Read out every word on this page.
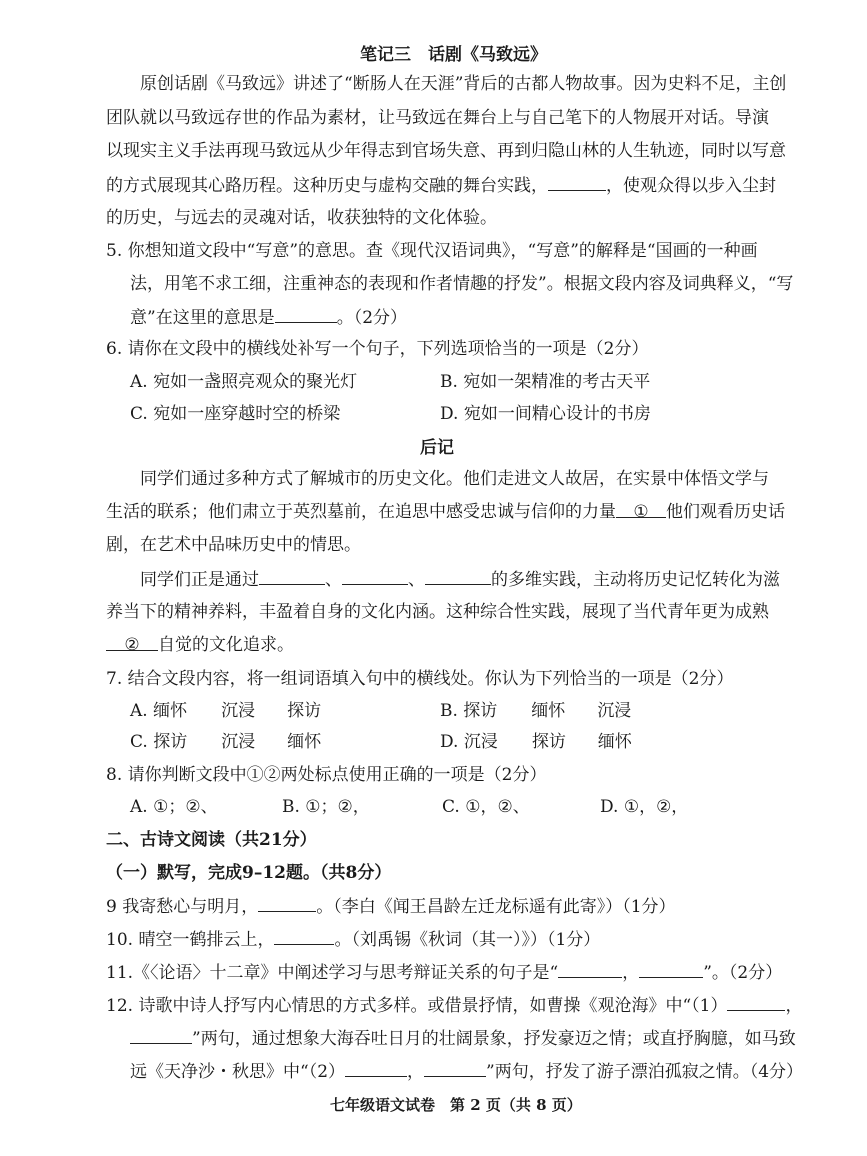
笔记三　话剧《马致远》
原创话剧《马致远》讲述了“断肠人在天涯”背后的古都人物故事。因为史料不足，主创
团队就以马致远存世的作品为素材，让马致远在舞台上与自己笔下的人物展开对话。导演
以现实主义手法再现马致远从少年得志到官场失意、再到归隐山林的人生轨迹，同时以写意
的方式展现其心路历程。这种历史与虚构交融的舞台实践，	，使观众得以步入尘封
的历史，与远去的灵魂对话，收获独特的文化体验。
5. 你想知道文段中“写意”的意思。查《现代汉语词典》，“写意”的解释是“国画的一种画
法，用笔不求工细，注重神态的表现和作者情趣的抒发”。根据文段内容及词典释义，“写
意”在这里的意思是	。（2分）
6. 请你在文段中的横线处补写一个句子，下列选项恰当的一项是（2分）
A. 宛如一盏照亮观众的聚光灯	B. 宛如一架精准的考古天平
C. 宛如一座穿越时空的桥梁	D. 宛如一间精心设计的书房
后记
同学们通过多种方式了解城市的历史文化。他们走进文人故居，在实景中体悟文学与
生活的联系；他们肃立于英烈墓前，在追思中感受忠诚与信仰的力量 ① 他们观看历史话
剧，在艺术中品味历史中的情思。
同学们正是通过	、	、	的多维实践，主动将历史记忆转化为滋
养当下的精神养料，丰盈着自身的文化内涵。这种综合性实践，展现了当代青年更为成熟
② 自觉的文化追求。
7. 结合文段内容，将一组词语填入句中的横线处。你认为下列恰当的一项是（2分）
A. 缅怀 沉浸 探访	B. 探访 缅怀 沉浸
C. 探访 沉浸 缅怀	D. 沉浸 探访 缅怀
8. 请你判断文段中①②两处标点使用正确的一项是（2分）
A. ①；②、	B. ①；②，	C. ①，②、	D. ①，②，
二、古诗文阅读（共21分）
（一）默写，完成9–12题。（共8分）
9 我寄愁心与明月，	。（李白《闻王昌龄左迁龙标遥有此寄》）（1分）
10. 晴空一鹤排云上，	。（刘禹锡《秋词（其一）》）（1分）
11.《〈论语〉十二章》中阐述学习与思考辩证关系的句子是“	，	”。（2分）
12. 诗歌中诗人抒写内心情思的方式多样。或借景抒情，如曹操《观沧海》中“（1）	，
”两句，通过想象大海吞吐日月的壮阔景象，抒发豪迈之情；或直抒胸臆，如马致
远《天净沙・秋思》中“（2）	，	”两句，抒发了游子漂泊孤寂之情。（4分）
七年级语文试卷　第 2 页（共 8 页）
